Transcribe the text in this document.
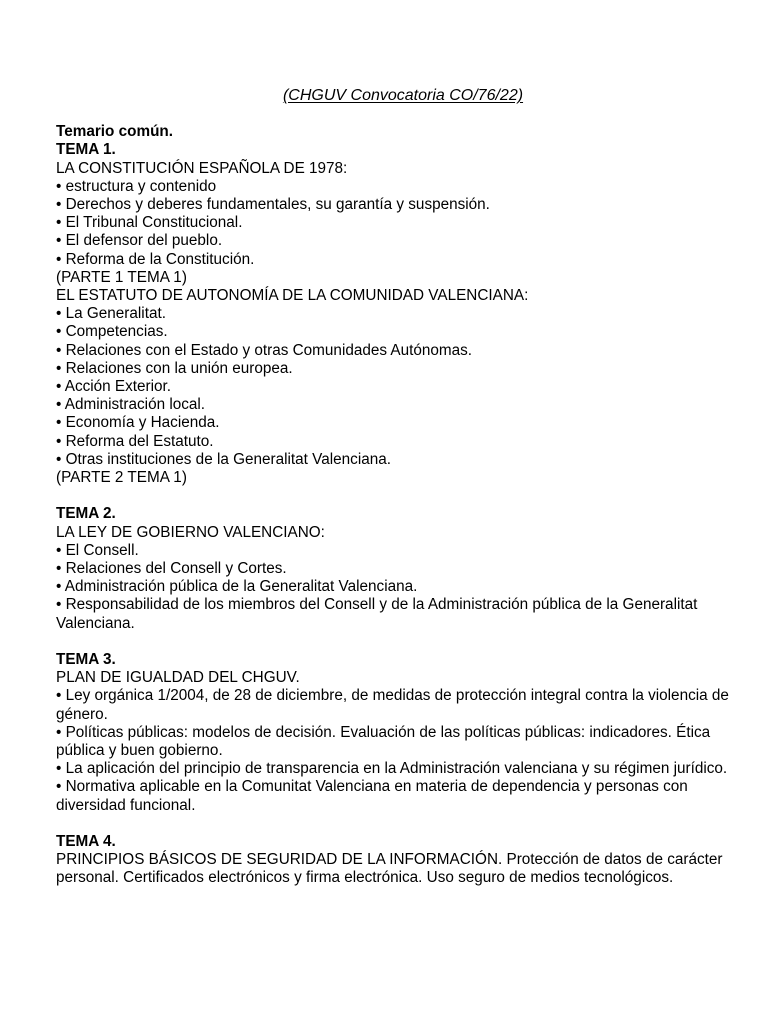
(CHGUV Convocatoria CO/76/22)

Temario común.

TEMA 1.

LA CONSTITUCIÓN ESPAÑOLA DE 1978:

• estructura y contenido

• Derechos y deberes fundamentales, su garantía y suspensión.

• El Tribunal Constitucional.

• El defensor del pueblo.

• Reforma de la Constitución.

(PARTE 1 TEMA 1)

EL ESTATUTO DE AUTONOMÍA DE LA COMUNIDAD VALENCIANA:

• La Generalitat.

• Competencias.

• Relaciones con el Estado y otras Comunidades Autónomas.

• Relaciones con la unión europea.

• Acción Exterior.

• Administración local.

• Economía y Hacienda.

• Reforma del Estatuto.

• Otras instituciones de la Generalitat Valenciana.

(PARTE 2 TEMA 1)

TEMA 2.

LA LEY DE GOBIERNO VALENCIANO:

• El Consell.

• Relaciones del Consell y Cortes.

• Administración pública de la Generalitat Valenciana.

• Responsabilidad de los miembros del Consell y de la Administración pública de la Generalitat Valenciana.

TEMA 3.

PLAN DE IGUALDAD DEL CHGUV.

• Ley orgánica 1/2004, de 28 de diciembre, de medidas de protección integral contra la violencia de género.

• Políticas públicas: modelos de decisión. Evaluación de las políticas públicas: indicadores. Ética pública y buen gobierno.

• La aplicación del principio de transparencia en la Administración valenciana y su régimen jurídico.

• Normativa aplicable en la Comunitat Valenciana en materia de dependencia y personas con diversidad funcional.

TEMA 4.

PRINCIPIOS BÁSICOS DE SEGURIDAD DE LA INFORMACIÓN. Protección de datos de carácter personal. Certificados electrónicos y firma electrónica. Uso seguro de medios tecnológicos.
